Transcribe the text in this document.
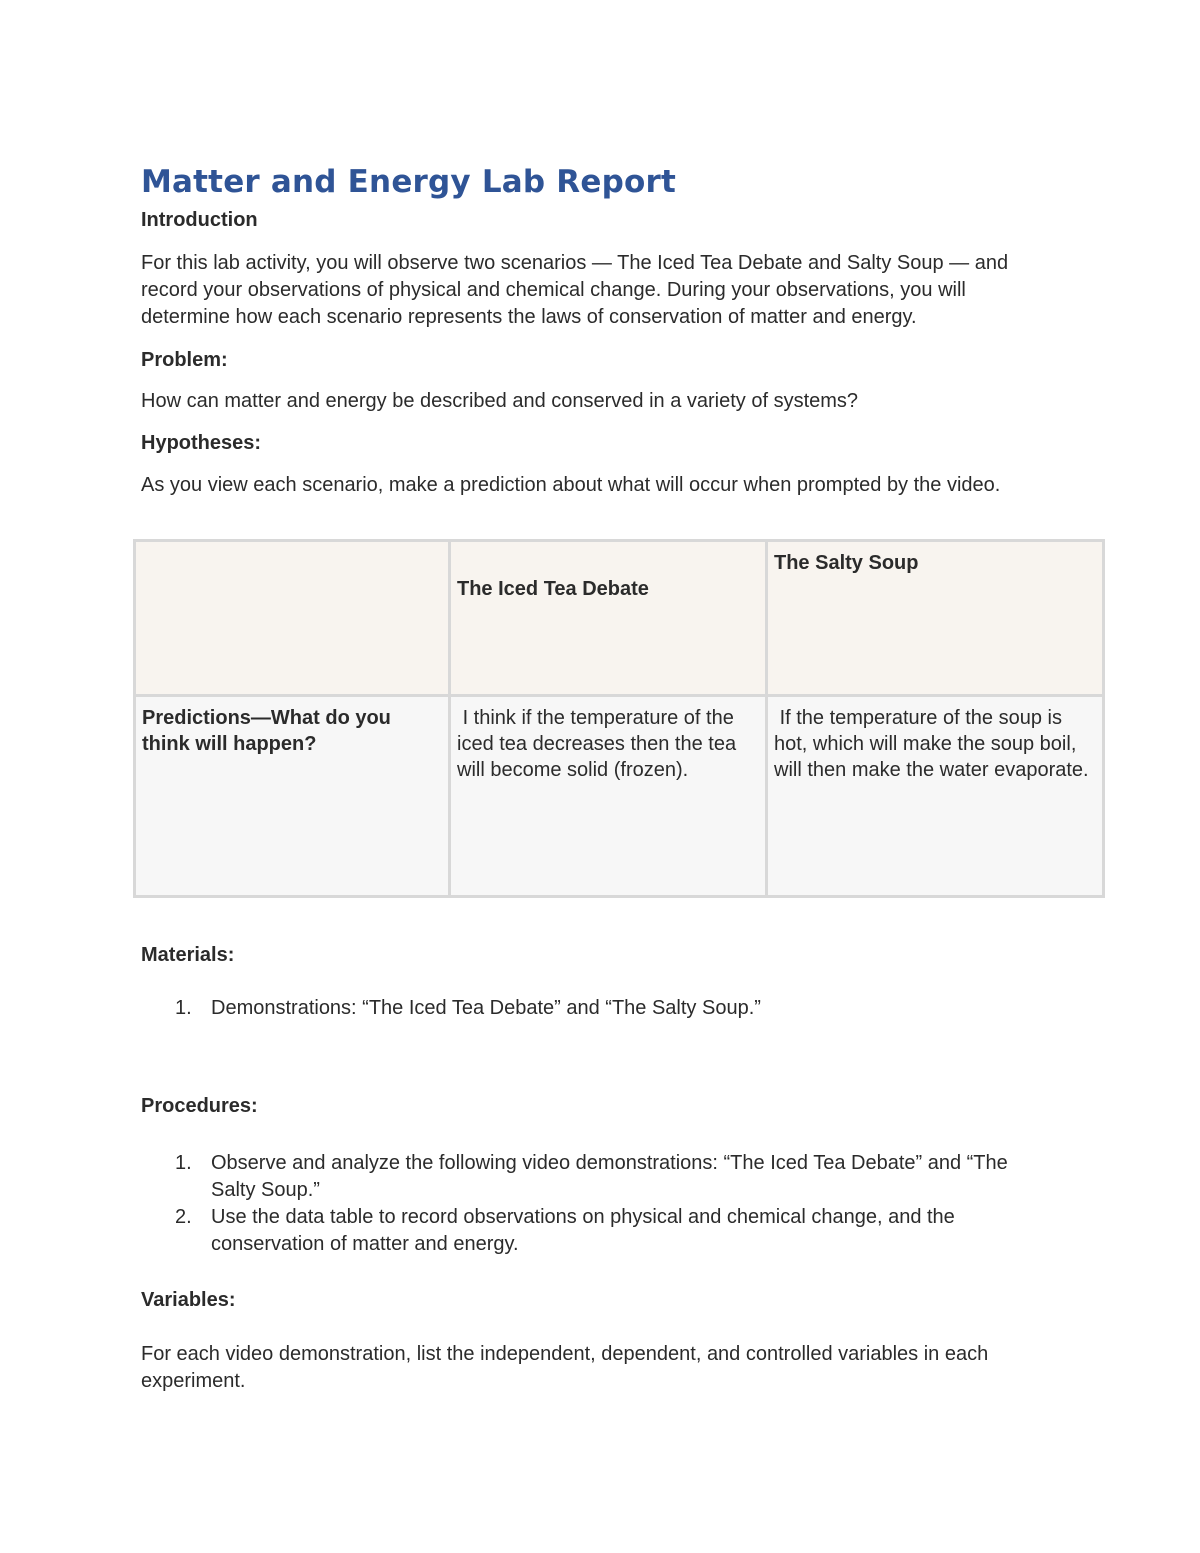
Matter and Energy Lab Report

Introduction

For this lab activity, you will observe two scenarios — The Iced Tea Debate and Salty Soup — and record your observations of physical and chemical change. During your observations, you will determine how each scenario represents the laws of conservation of matter and energy.

Problem:

How can matter and energy be described and conserved in a variety of systems?

Hypotheses:

As you view each scenario, make a prediction about what will occur when prompted by the video.

	The Iced Tea Debate	The Salty Soup

Predictions—What do you think will happen?	I think if the temperature of the iced tea decreases then the tea will become solid (frozen).	If the temperature of the soup is hot, which will make the soup boil, will then make the water evaporate.

Materials:

1. Demonstrations: “The Iced Tea Debate” and “The Salty Soup.”

Procedures:

1. Observe and analyze the following video demonstrations: “The Iced Tea Debate” and “The Salty Soup.”
2. Use the data table to record observations on physical and chemical change, and the conservation of matter and energy.

Variables:

For each video demonstration, list the independent, dependent, and controlled variables in each experiment.
